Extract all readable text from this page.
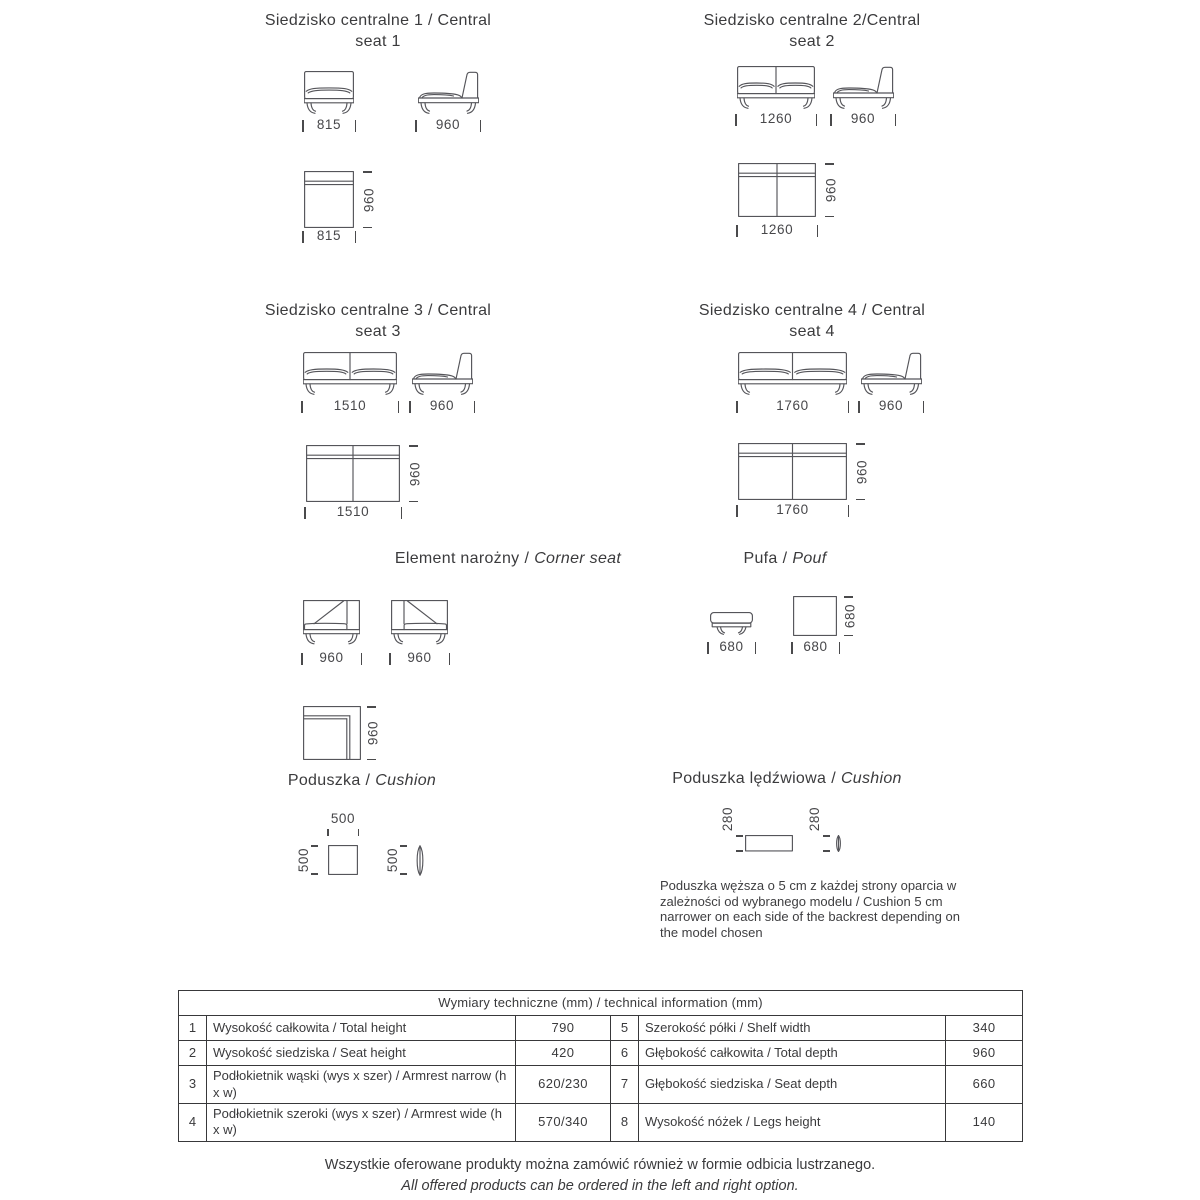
Siedzisko centralne 1 / Central
seat 1
815	960
960
815
Siedzisko centralne 2/Central
seat 2
1260	960
960
1260
Siedzisko centralne 3 / Central
seat 3
1510	960
960
1510
Siedzisko centralne 4 / Central
seat 4
1760	960
960
1760
Element narożny / Corner seat
960	960
960
Pufa / Pouf
680
680
680
Poduszka / Cushion
500
500	500
Poduszka lędźwiowa / Cushion
280	280
Poduszka węższa o 5 cm z każdej strony oparcia w zależności od wybranego modelu / Cushion 5 cm narrower on each side of the backrest depending on the model chosen
Wymiary techniczne (mm) / technical information (mm)					
1	Wysokość całkowita / Total height	790	5	Szerokość półki / Shelf width	340
2	Wysokość siedziska / Seat height	420	6	Głębokość całkowita / Total depth	960
3	Podłokietnik wąski (wys x szer) / Armrest narrow (h x w)	620/230	7	Głębokość siedziska / Seat depth	660
4	Podłokietnik szeroki (wys x szer) / Armrest wide (h x w)	570/340	8	Wysokość nóżek / Legs height	140
Wszystkie oferowane produkty można zamówić również w formie odbicia lustrzanego.
All offered products can be ordered in the left and right option.
